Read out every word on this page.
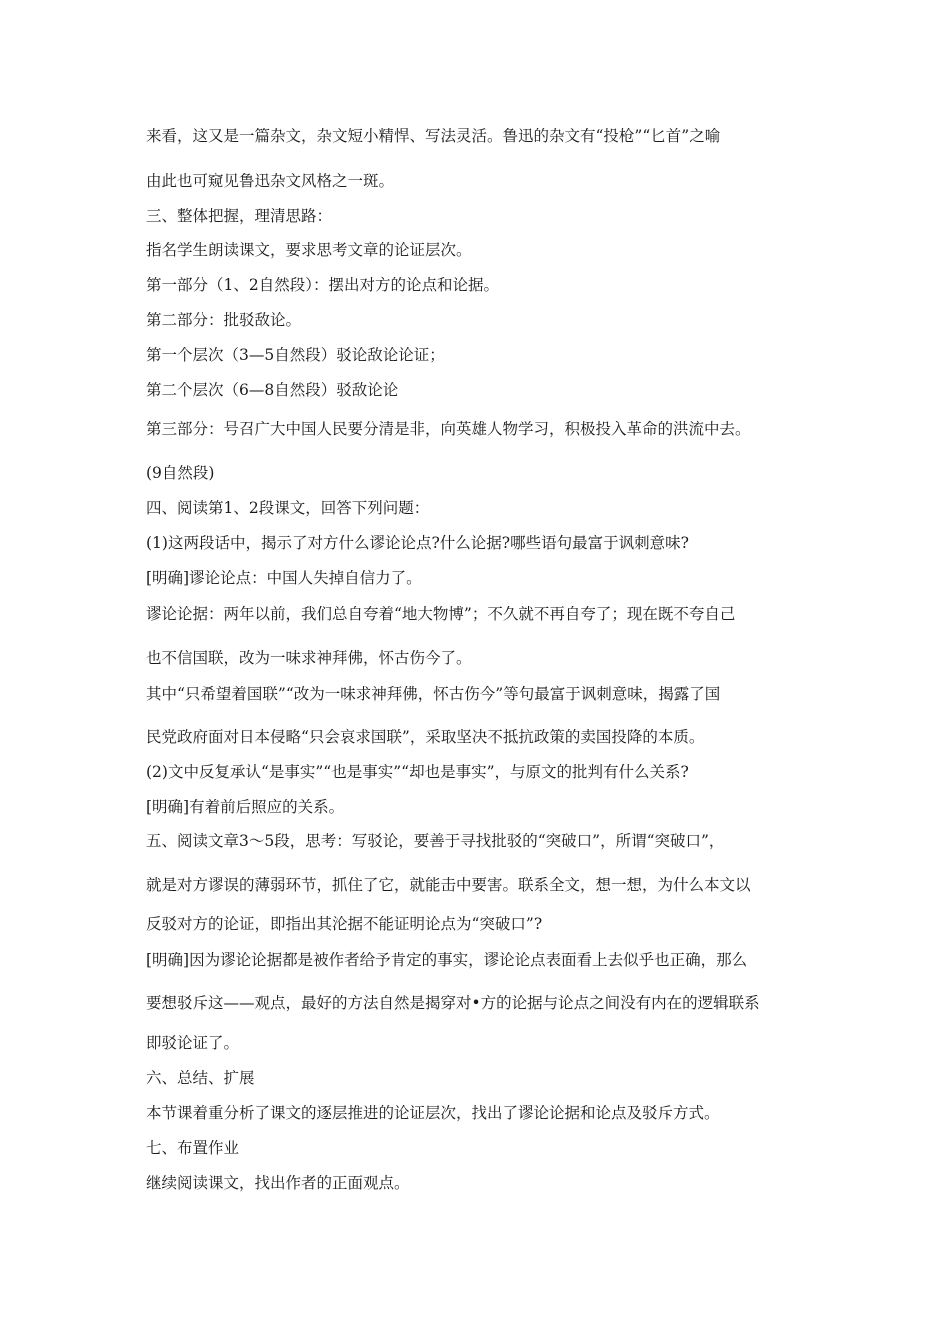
来看，这又是一篇杂文，杂文短小精悍、写法灵活。鲁迅的杂文有“投枪”“匕首”之喻
由此也可窥见鲁迅杂文风格之一斑。
三、整体把握，理清思路：
指名学生朗读课文，要求思考文章的论证层次。
第一部分（1、2自然段）：摆出对方的论点和论据。
第二部分：批驳敌论。
第一个层次（3—5自然段）驳论敌论论证；
第二个层次（6—8自然段）驳敌论论
第三部分：号召广大中国人民要分清是非，向英雄人物学习，积极投入革命的洪流中去。
(9自然段)
四、阅读第1、2段课文，回答下列问题：
(1)这两段话中，揭示了对方什么谬论论点?什么论据?哪些语句最富于讽刺意味?
[明确]谬论论点：中国人失掉自信力了。
谬论论据：两年以前，我们总自夸着“地大物博”；不久就不再自夸了；现在既不夸自己
也不信国联，改为一味求神拜佛，怀古伤今了。
其中“只希望着国联”“改为一味求神拜佛，怀古伤今”等句最富于讽刺意味，揭露了国
民党政府面对日本侵略“只会哀求国联”，采取坚决不抵抗政策的卖国投降的本质。
(2)文中反复承认“是事实”“也是事实”“却也是事实”，与原文的批判有什么关系?
[明确]有着前后照应的关系。
五、阅读文章3～5段，思考：写驳论，要善于寻找批驳的“突破口”，所谓“突破口”，
就是对方谬误的薄弱环节，抓住了它，就能击中要害。联系全文，想一想，为什么本文以
反驳对方的论证，即指出其沦据不能证明论点为“突破口”?
[明确]因为谬论论据都是被作者给予肯定的事实，谬论论点表面看上去似乎也正确，那么
要想驳斥这——观点，最好的方法自然是揭穿对•方的论据与论点之间没有内在的逻辑联系
即驳论证了。
六、总结、扩展
本节课着重分析了课文的逐层推进的论证层次，找出了谬论论据和论点及驳斥方式。
七、布置作业
继续阅读课文，找出作者的正面观点。
